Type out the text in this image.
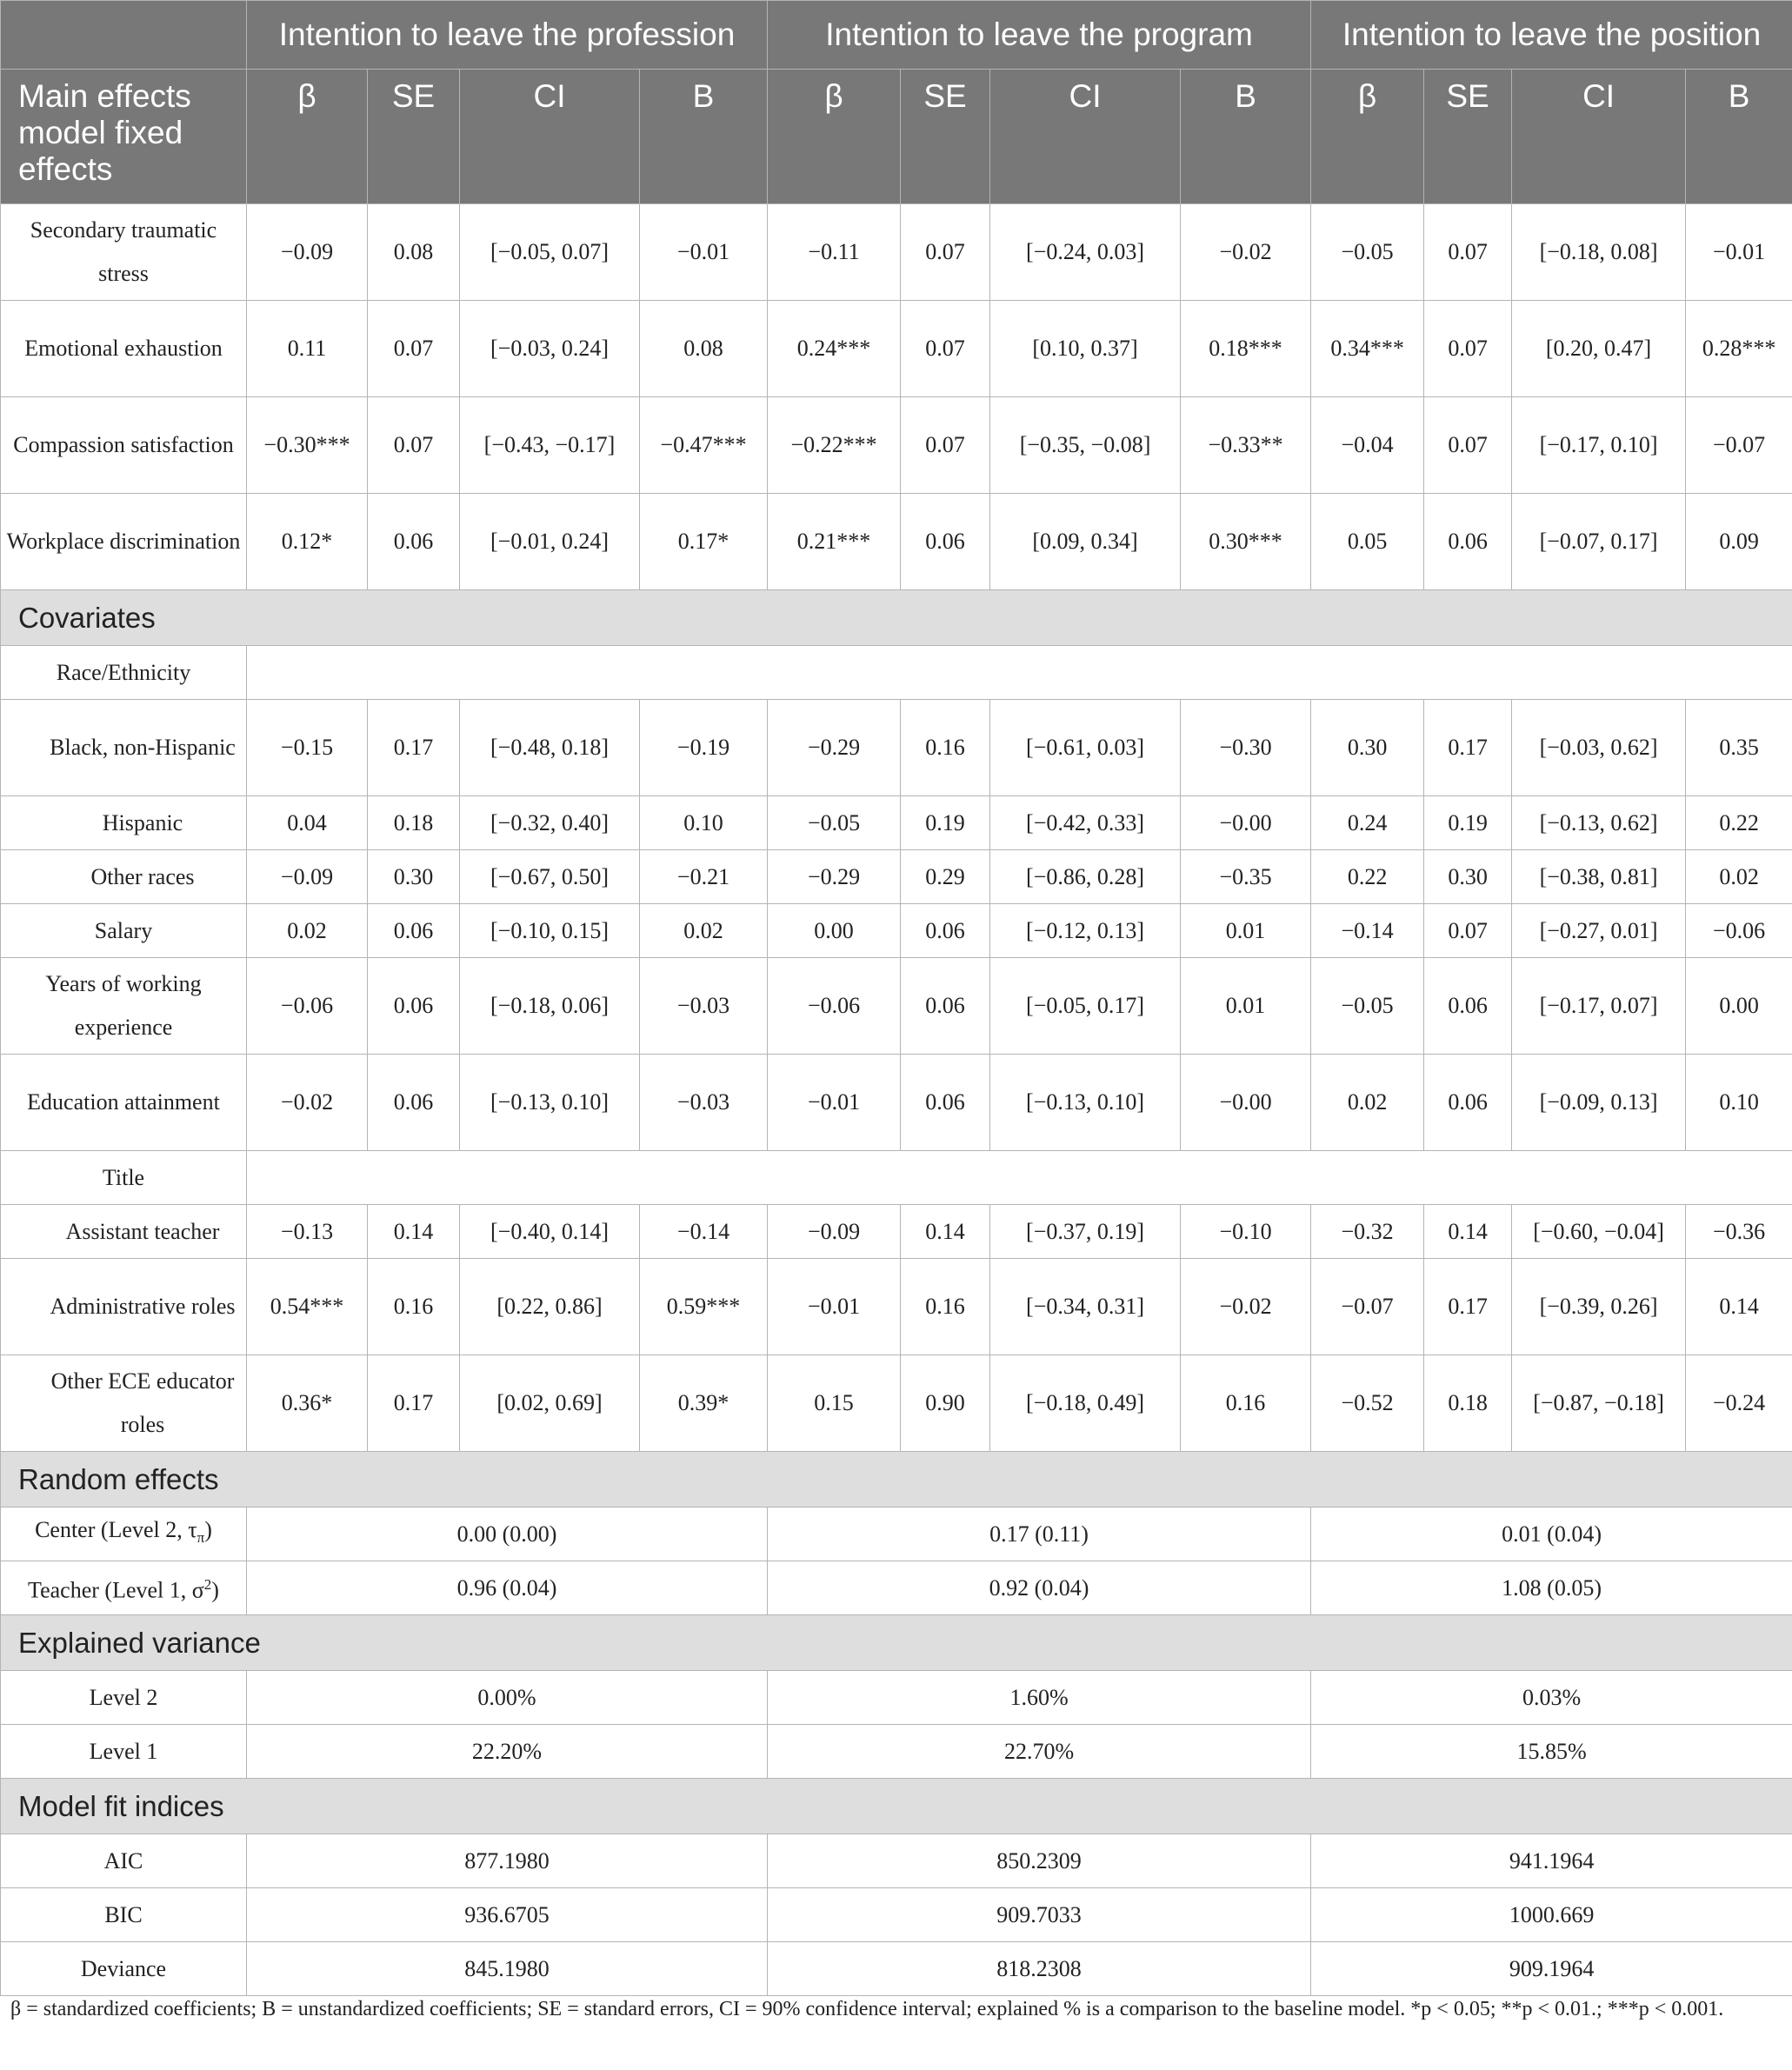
	Intention to leave the profession				Intention to leave the program				Intention to leave the position			
Main effects model fixed effects	β	SE	CI	B	β	SE	CI	B	β	SE	CI	B
Secondary traumatic stress	−0.09	0.08	[−0.05, 0.07]	−0.01	−0.11	0.07	[−0.24, 0.03]	−0.02	−0.05	0.07	[−0.18, 0.08]	−0.01
Emotional exhaustion	0.11	0.07	[−0.03, 0.24]	0.08	0.24***	0.07	[0.10, 0.37]	0.18***	0.34***	0.07	[0.20, 0.47]	0.28***
Compassion satisfaction	−0.30***	0.07	[−0.43, −0.17]	−0.47***	−0.22***	0.07	[−0.35, −0.08]	−0.33**	−0.04	0.07	[−0.17, 0.10]	−0.07
Workplace discrimination	0.12*	0.06	[−0.01, 0.24]	0.17*	0.21***	0.06	[0.09, 0.34]	0.30***	0.05	0.06	[−0.07, 0.17]	0.09
Covariates												
Race/Ethnicity												
Black, non-Hispanic	−0.15	0.17	[−0.48, 0.18]	−0.19	−0.29	0.16	[−0.61, 0.03]	−0.30	0.30	0.17	[−0.03, 0.62]	0.35
Hispanic	0.04	0.18	[−0.32, 0.40]	0.10	−0.05	0.19	[−0.42, 0.33]	−0.00	0.24	0.19	[−0.13, 0.62]	0.22
Other races	−0.09	0.30	[−0.67, 0.50]	−0.21	−0.29	0.29	[−0.86, 0.28]	−0.35	0.22	0.30	[−0.38, 0.81]	0.02
Salary	0.02	0.06	[−0.10, 0.15]	0.02	0.00	0.06	[−0.12, 0.13]	0.01	−0.14	0.07	[−0.27, 0.01]	−0.06
Years of working experience	−0.06	0.06	[−0.18, 0.06]	−0.03	−0.06	0.06	[−0.05, 0.17]	0.01	−0.05	0.06	[−0.17, 0.07]	0.00
Education attainment	−0.02	0.06	[−0.13, 0.10]	−0.03	−0.01	0.06	[−0.13, 0.10]	−0.00	0.02	0.06	[−0.09, 0.13]	0.10
Title												
Assistant teacher	−0.13	0.14	[−0.40, 0.14]	−0.14	−0.09	0.14	[−0.37, 0.19]	−0.10	−0.32	0.14	[−0.60, −0.04]	−0.36
Administrative roles	0.54***	0.16	[0.22, 0.86]	0.59***	−0.01	0.16	[−0.34, 0.31]	−0.02	−0.07	0.17	[−0.39, 0.26]	0.14
Other ECE educator roles	0.36*	0.17	[0.02, 0.69]	0.39*	0.15	0.90	[−0.18, 0.49]	0.16	−0.52	0.18	[−0.87, −0.18]	−0.24
Random effects												
Center (Level 2, $\tau_\pi$)	0.00 (0.00)				0.17 (0.11)				0.01 (0.04)			
Teacher (Level 1, $\sigma^2$)	0.96 (0.04)				0.92 (0.04)				1.08 (0.05)			
Explained variance												
Level 2	0.00%				1.60%				0.03%			
Level 1	22.20%				22.70%				15.85%			
Model fit indices												
AIC	877.1980				850.2309				941.1964			
BIC	936.6705				909.7033				1000.669			
Deviance	845.1980				818.2308				909.1964			
β = standardized coefficients; B = unstandardized coefficients; SE = standard errors, CI = 90% confidence interval; explained % is a comparison to the baseline model. *p < 0.05; **p < 0.01.; ***p < 0.001.
